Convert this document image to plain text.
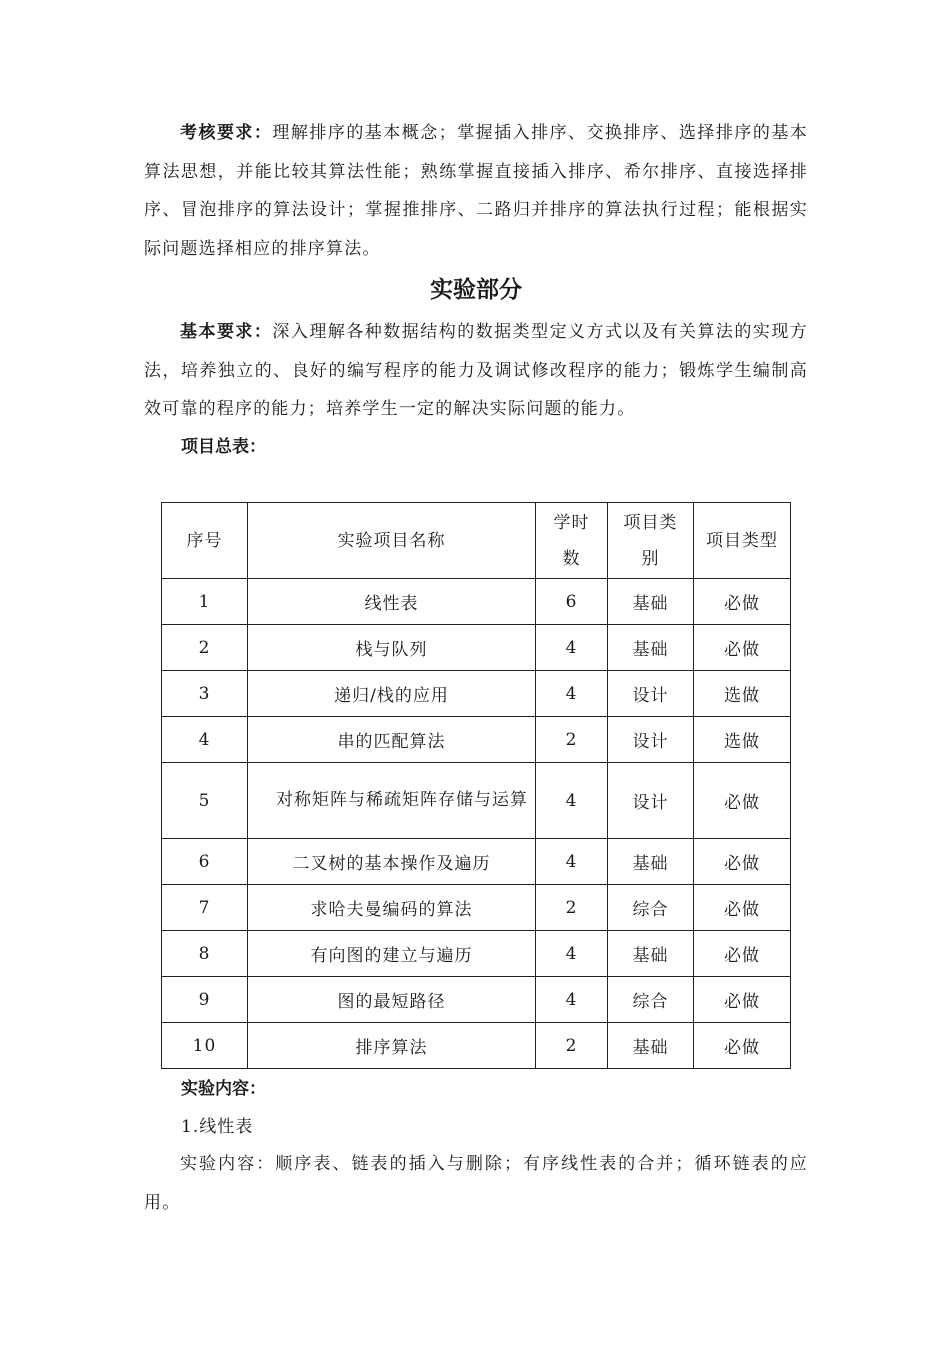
考核要求：理解排序的基本概念；掌握插入排序、交换排序、选择排序的基本算法思想，并能比较其算法性能；熟练掌握直接插入排序、希尔排序、直接选择排序、冒泡排序的算法设计；掌握推排序、二路归并排序的算法执行过程；能根据实际问题选择相应的排序算法。

实验部分

基本要求：深入理解各种数据结构的数据类型定义方式以及有关算法的实现方法，培养独立的、良好的编写程序的能力及调试修改程序的能力；锻炼学生编制高效可靠的程序的能力；培养学生一定的解决实际问题的能力。

项目总表：

序号	实验项目名称	学时数	项目类别	项目类型
1	线性表	6	基础	必做
2	栈与队列	4	基础	必做
3	递归/栈的应用	4	设计	选做
4	串的匹配算法	2	设计	选做
5	对称矩阵与稀疏矩阵存储与运算	4	设计	必做
6	二叉树的基本操作及遍历	4	基础	必做
7	求哈夫曼编码的算法	2	综合	必做
8	有向图的建立与遍历	4	基础	必做
9	图的最短路径	4	综合	必做
10	排序算法	2	基础	必做

实验内容：

1.线性表

实验内容：顺序表、链表的插入与删除；有序线性表的合并；循环链表的应用。
